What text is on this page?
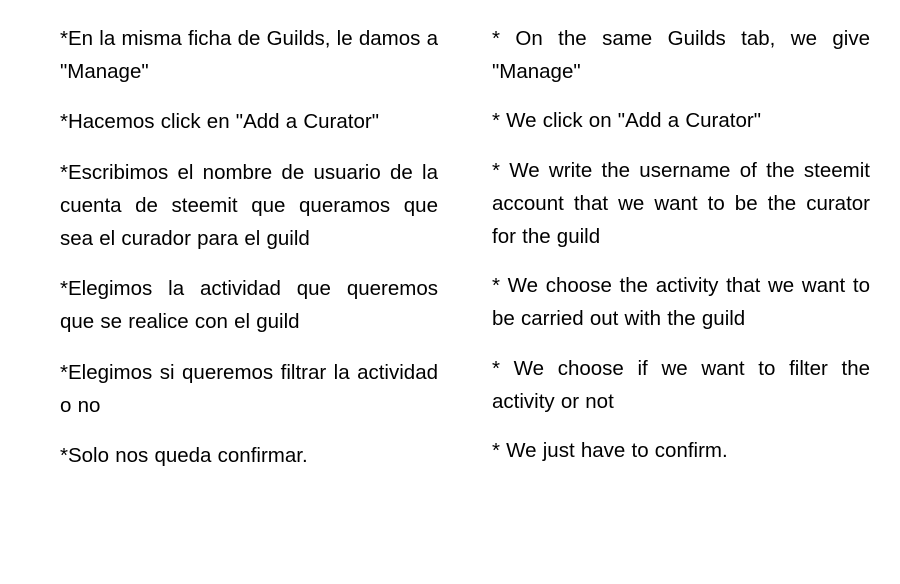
*En la misma ficha de Guilds, le damos a "Manage"

*Hacemos click en "Add a Curator"

*Escribimos el nombre de usuario de la cuenta de steemit que queramos que sea el curador para el guild

*Elegimos la actividad que queremos que se realice con el guild

*Elegimos si queremos filtrar la actividad o no

*Solo nos queda confirmar.

* On the same Guilds tab, we give "Manage"

* We click on "Add a Curator"

* We write the username of the steemit account that we want to be the curator for the guild

* We choose the activity that we want to be carried out with the guild

* We choose if we want to filter the activity or not

* We just have to confirm.
